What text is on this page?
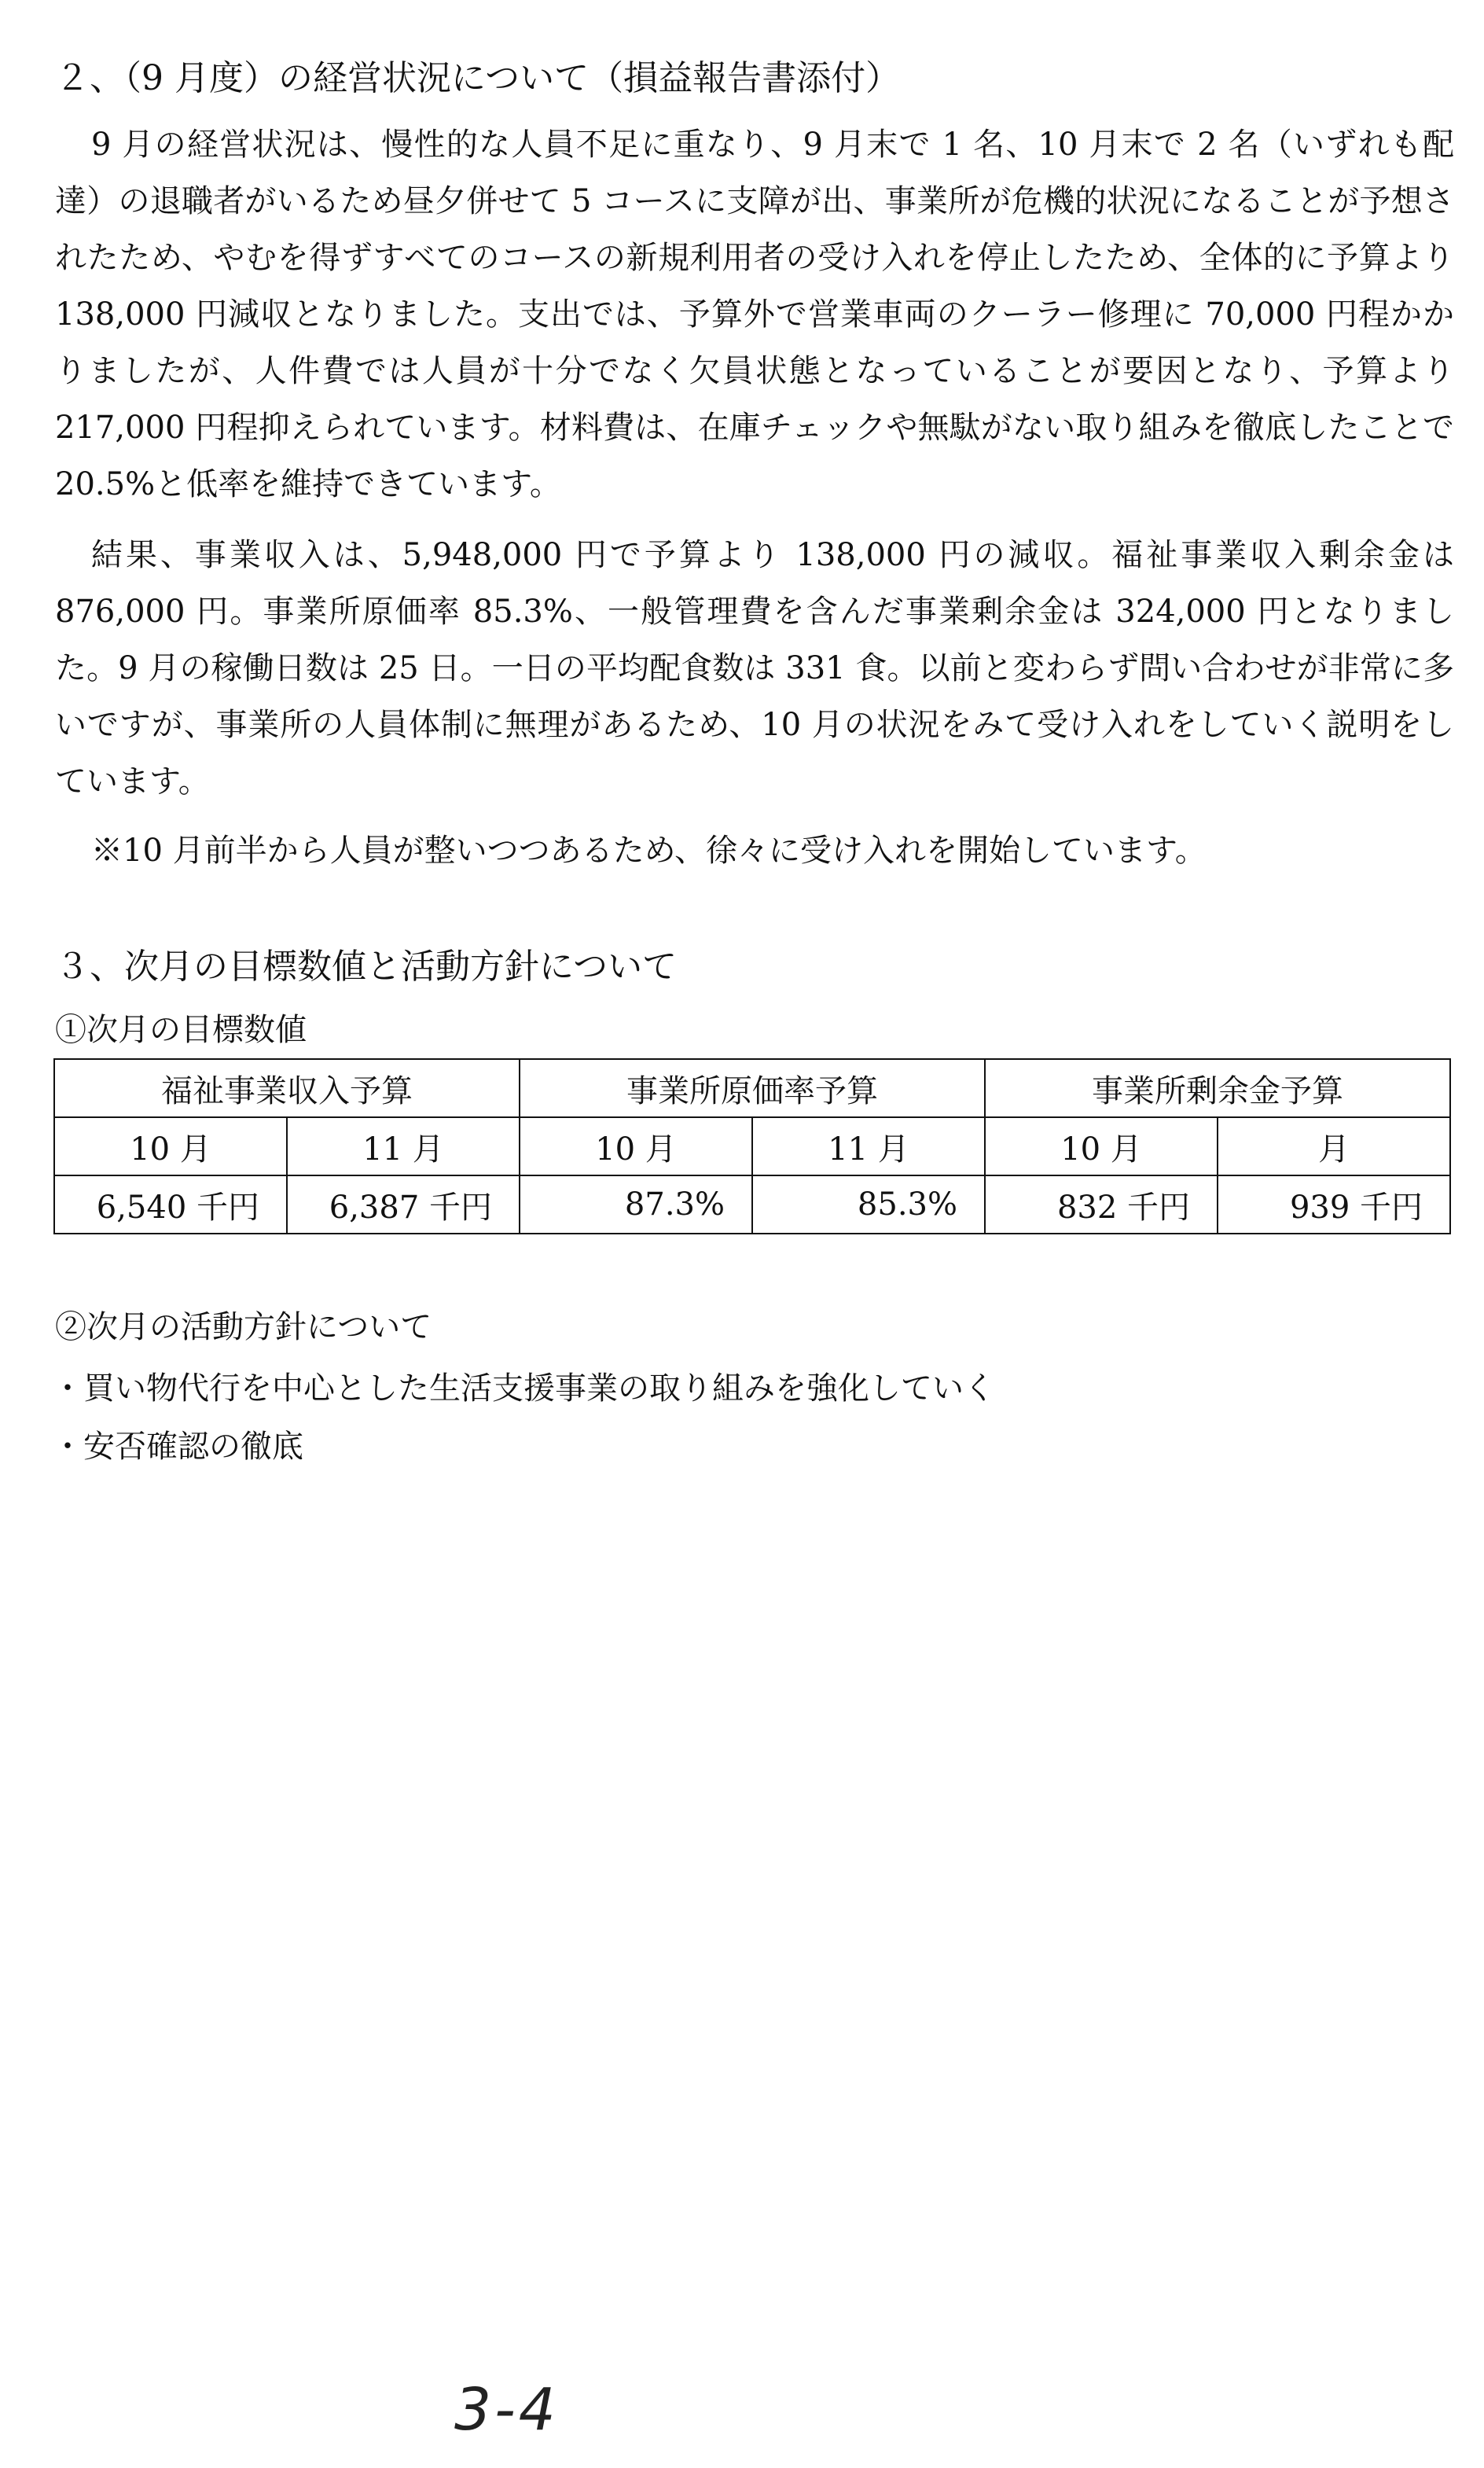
２、（9 月度）の経営状況について（損益報告書添付）
9 月の経営状況は、慢性的な人員不足に重なり、9 月末で 1 名、10 月末で 2 名（いずれも配達）の退職者がいるため昼夕併せて 5 コースに支障が出、事業所が危機的状況になることが予想されたため、やむを得ずすべてのコースの新規利用者の受け入れを停止したため、全体的に予算より 138,000 円減収となりました。支出では、予算外で営業車両のクーラー修理に 70,000 円程かかりましたが、人件費では人員が十分でなく欠員状態となっていることが要因となり、予算より 217,000 円程抑えられています。材料費は、在庫チェックや無駄がない取り組みを徹底したことで 20.5%と低率を維持できています。
結果、事業収入は、5,948,000 円で予算より 138,000 円の減収。福祉事業収入剰余金は 876,000 円。事業所原価率 85.3%、一般管理費を含んだ事業剰余金は 324,000 円となりました。9 月の稼働日数は 25 日。一日の平均配食数は 331 食。以前と変わらず問い合わせが非常に多いですが、事業所の人員体制に無理があるため、10 月の状況をみて受け入れをしていく説明をしています。
※10 月前半から人員が整いつつあるため、徐々に受け入れを開始しています。
３、次月の目標数値と活動方針について
①次月の目標数値
福祉事業収入予算		事業所原価率予算		事業所剰余金予算	
10 月	11 月	10 月	11 月	10 月	月
6,540 千円	6,387 千円	87.3%	85.3%	832 千円	939 千円
②次月の活動方針について
・買い物代行を中心とした生活支援事業の取り組みを強化していく
・安否確認の徹底
3-4
